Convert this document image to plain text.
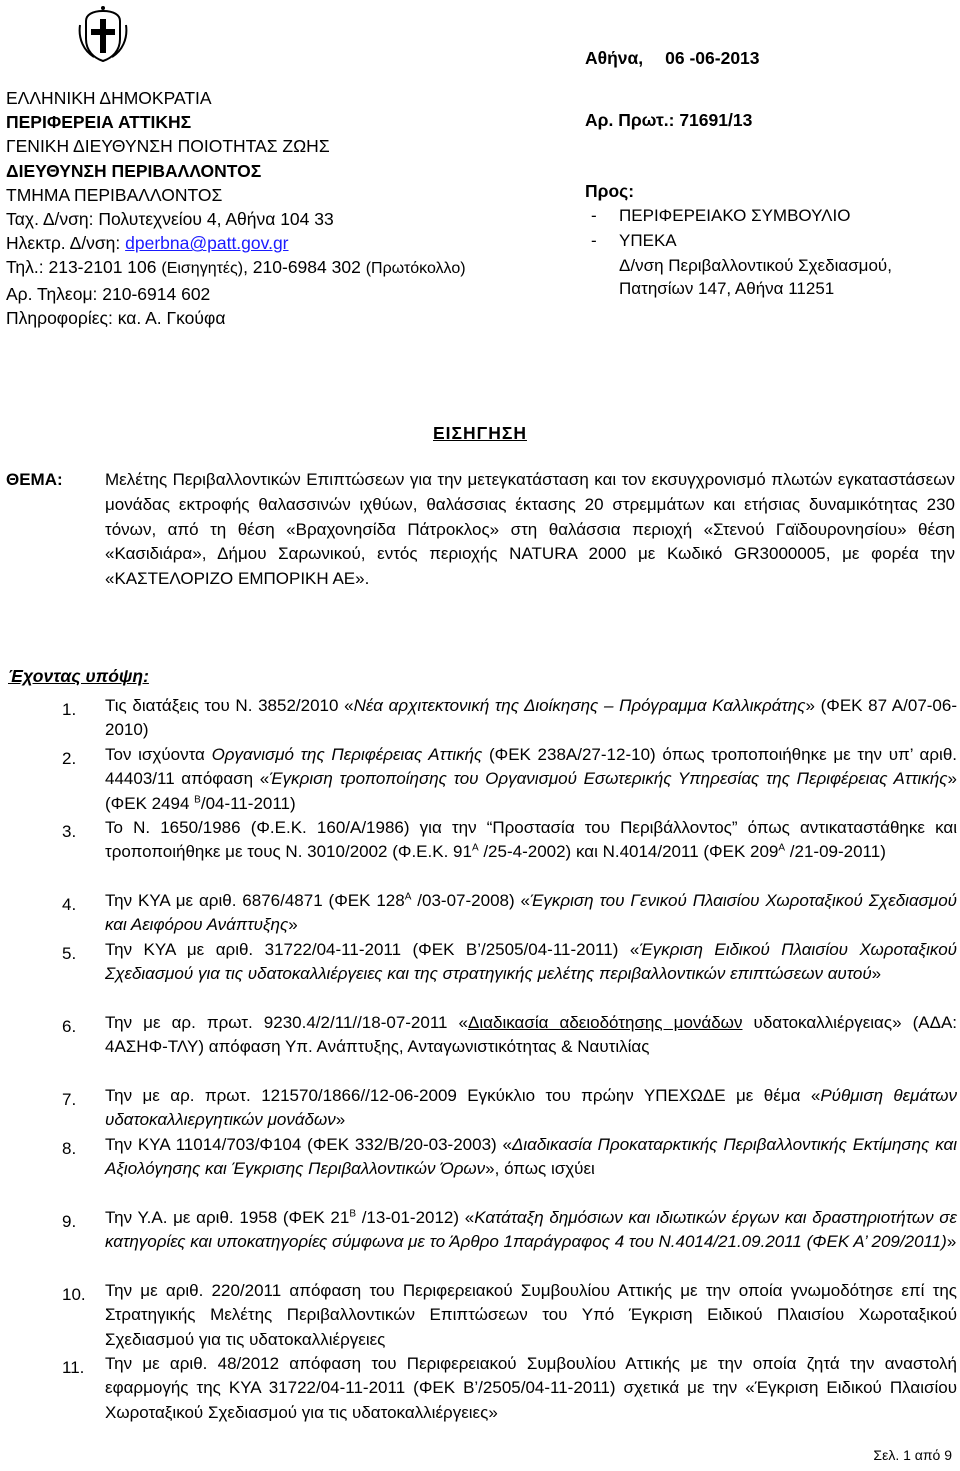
ΕΛΛΗΝΙΚΗ ΔΗΜΟΚΡΑΤΙΑ
ΠΕΡΙΦΕΡΕΙΑ ΑΤΤΙΚΗΣ
ΓΕΝΙΚΗ ΔΙΕΥΘΥΝΣΗ ΠΟΙΟΤΗΤΑΣ ΖΩΗΣ
ΔΙΕΥΘΥΝΣΗ ΠΕΡΙΒΑΛΛΟΝΤΟΣ
ΤΜΗΜΑ ΠΕΡΙΒΑΛΛΟΝΤΟΣ
Ταχ. Δ/νση: Πολυτεχνείου 4, Αθήνα 104 33
Ηλεκτρ. Δ/νση: dperbna@patt.gov.gr
Τηλ.: 213-2101 106 (Εισηγητές), 210-6984 302 (Πρωτόκολλο)
Αρ. Τηλεομ: 210-6914 602
Πληροφορίες: κα. Α. Γκούφα
Αθήνα, 06 -06-2013
Αρ. Πρωτ.: 71691/13
Προς:
- ΠΕΡΙΦΕΡΕΙΑΚΟ ΣΥΜΒΟΥΛΙΟ
- ΥΠΕΚΑ
Δ/νση Περιβαλλοντικού Σχεδιασμού,
Πατησίων 147, Αθήνα 11251
ΕΙΣΗΓΗΣΗ
ΘΕΜΑ: Μελέτης Περιβαλλοντικών Επιπτώσεων για την μετεγκατάσταση και τον εκσυγχρονισμό πλωτών εγκαταστάσεων μονάδας εκτροφής θαλασσινών ιχθύων, θαλάσσιας έκτασης 20 στρεμμάτων και ετήσιας δυναμικότητας 230 τόνων, από τη θέση «Βραχονησίδα Πάτροκλος» στη θαλάσσια περιοχή «Στενού Γαϊδουρονησίου» θέση «Κασιδιάρα», Δήμου Σαρωνικού, εντός περιοχής NATURA 2000 με Κωδικό GR3000005, με φορέα την «ΚΑΣΤΕΛΟΡΙΖΟ ΕΜΠΟΡΙΚΗ ΑΕ».
Έχοντας υπόψη:
1. Τις διατάξεις του Ν. 3852/2010 «Νέα αρχιτεκτονική της Διοίκησης – Πρόγραμμα Καλλικράτης» (ΦΕΚ 87 Α/07-06-2010)
2. Τον ισχύοντα Οργανισμό της Περιφέρειας Αττικής (ΦΕΚ 238Α/27-12-10) όπως τροποποιήθηκε με την υπ’ αριθ. 44403/11 απόφαση «Έγκριση τροποποίησης του Οργανισμού Εσωτερικής Υπηρεσίας της Περιφέρειας Αττικής» (ΦΕΚ 2494 $^B$/04-11-2011)
3. Το Ν. 1650/1986 (Φ.Ε.Κ. 160/Α/1986) για την “Προστασία του Περιβάλλοντος” όπως αντικαταστάθηκε και τροποποιήθηκε με τους Ν. 3010/2002 (Φ.Ε.Κ. $91^A$ /25-4-2002) και Ν.4014/2011 (ΦΕΚ $209^A$ /21-09-2011)
4. Την ΚΥΑ με αριθ. 6876/4871 (ΦΕΚ $128^A$ /03-07-2008) «Έγκριση του Γενικού Πλαισίου Χωροταξικού Σχεδιασμού και Αειφόρου Ανάπτυξης»
5. Την ΚΥΑ με αριθ. 31722/04-11-2011 (ΦΕΚ Β’/2505/04-11-2011) «Έγκριση Ειδικού Πλαισίου Χωροταξικού Σχεδιασμού για τις υδατοκαλλιέργειες και της στρατηγικής μελέτης περιβαλλοντικών επιπτώσεων αυτού»
6. Την με αρ. πρωτ. 9230.4/2/11//18-07-2011 «Διαδικασία αδειοδότησης μονάδων υδατοκαλλιέργειας» (ΑΔΑ: 4ΑΣΗΦ-ΤΛΥ) απόφαση Υπ. Ανάπτυξης, Ανταγωνιστικότητας & Ναυτιλίας
7. Την με αρ. πρωτ. 121570/1866//12-06-2009 Εγκύκλιο του πρώην ΥΠΕΧΩΔΕ με θέμα «Ρύθμιση θεμάτων υδατοκαλλιεργητικών μονάδων»
8. Την ΚΥΑ 11014/703/Φ104 (ΦΕΚ 332/Β/20-03-2003) «Διαδικασία Προκαταρκτικής Περιβαλλοντικής Εκτίμησης και Αξιολόγησης και Έγκρισης Περιβαλλοντικών Όρων», όπως ισχύει
9. Την Υ.Α. με αριθ. 1958 (ΦΕΚ $21^B$ /13-01-2012) «Κατάταξη δημόσιων και ιδιωτικών έργων και δραστηριοτήτων σε κατηγορίες και υποκατηγορίες σύμφωνα με το Άρθρο 1παράγραφος 4 του Ν.4014/21.09.2011 (ΦΕΚ Α’ 209/2011)»
10. Την με αριθ. 220/2011 απόφαση του Περιφερειακού Συμβουλίου Αττικής με την οποία γνωμοδότησε επί της Στρατηγικής Μελέτης Περιβαλλοντικών Επιπτώσεων του Υπό Έγκριση Ειδικού Πλαισίου Χωροταξικού Σχεδιασμού για τις υδατοκαλλιέργειες
11. Την με αριθ. 48/2012 απόφαση του Περιφερειακού Συμβουλίου Αττικής με την οποία ζητά την αναστολή εφαρμογής της ΚΥΑ 31722/04-11-2011 (ΦΕΚ Β’/2505/04-11-2011) σχετικά με την «Έγκριση Ειδικού Πλαισίου Χωροταξικού Σχεδιασμού για τις υδατοκαλλιέργειες»
Σελ. 1 από 9
